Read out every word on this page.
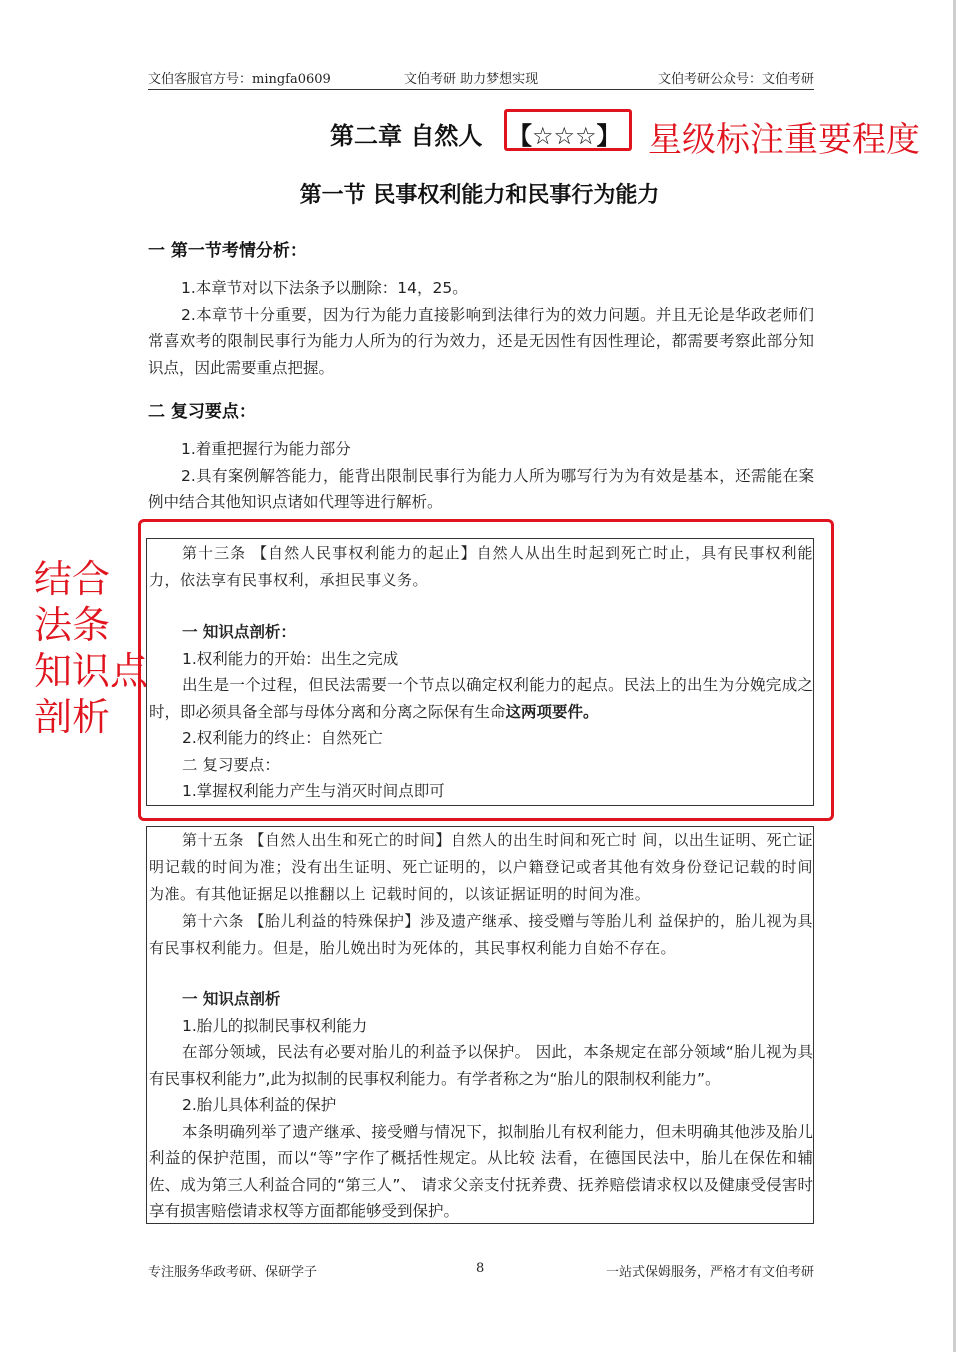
文伯客服官方号：mingfa0609	文伯考研 助力梦想实现	文伯考研公众号：文伯考研
第二章 自然人 【☆☆☆】 星级标注重要程度
第一节 民事权利能力和民事行为能力
一 第一节考情分析：

1.本章节对以下法条予以删除：14，25。

2.本章节十分重要，因为行为能力直接影响到法律行为的效力问题。并且无论是华政老师们常喜欢考的限制民事行为能力人所为的行为效力，还是无因性有因性理论，都需要考察此部分知识点，因此需要重点把握。

二 复习要点：

1.着重把握行为能力部分

2.具有案例解答能力，能背出限制民事行为能力人所为哪写行为为有效是基本，还需能在案例中结合其他知识点诸如代理等进行解析。

第十三条 【自然人民事权利能力的起止】自然人从出生时起到死亡时止，具有民事权利能力，依法享有民事权利，承担民事义务。

一 知识点剖析：

1.权利能力的开始：出生之完成

出生是一个过程，但民法需要一个节点以确定权利能力的起点。民法上的出生为分娩完成之时，即必须具备全部与母体分离和分离之际保有生命这两项要件。

2.权利能力的终止：自然死亡

二 复习要点：

1.掌握权利能力产生与消灭时间点即可

第十五条 【自然人出生和死亡的时间】自然人的出生时间和死亡时 间，以出生证明、死亡证明记载的时间为准；没有出生证明、死亡证明的，以户籍登记或者其他有效身份登记记载的时间为准。有其他证据足以推翻以上 记载时间的，以该证据证明的时间为准。

第十六条 【胎儿利益的特殊保护】涉及遗产继承、接受赠与等胎儿利 益保护的，胎儿视为具有民事权利能力。但是，胎儿娩出时为死体的，其民事权利能力自始不存在。

一 知识点剖析

1.胎儿的拟制民事权利能力

在部分领域，民法有必要对胎儿的利益予以保护。 因此，本条规定在部分领域“胎儿视为具有民事权利能力”,此为拟制的民事权利能力。有学者称之为“胎儿的限制权利能力”。

2.胎儿具体利益的保护

本条明确列举了遗产继承、接受赠与情况下，拟制胎儿有权利能力，但未明确其他涉及胎儿利益的保护范围，而以“等”字作了概括性规定。从比较 法看，在德国民法中，胎儿在保佐和辅佐、成为第三人利益合同的“第三人”、 请求父亲支付抚养费、抚养赔偿请求权以及健康受侵害时享有损害赔偿请求权等方面都能够受到保护。

结合
法条
知识点
剖析
专注服务华政考研、保研学子	8	一站式保姆服务，严格才有文伯考研
